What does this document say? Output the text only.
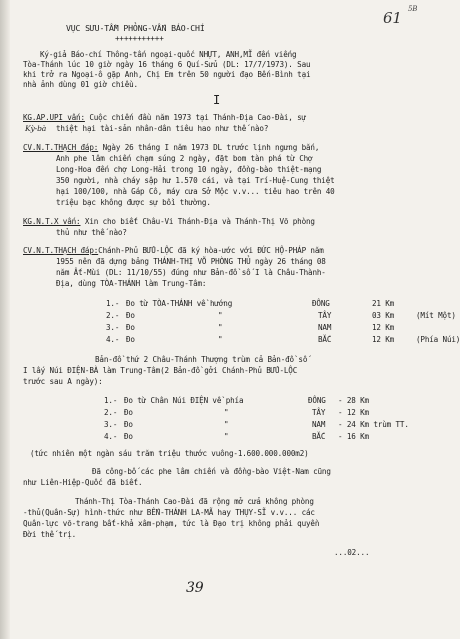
61 5B
VỤC SƯU-TẦM PHỎNG-VẤN BÁO-CHÍ
+++++++++++
Ký-giả Báo-chí Thông-tấn ngoại-quốc NHỰT, ANH,MĨ đến viếng
Tòa-Thánh lúc 10 giờ ngày 16 tháng 6 Quí-Sửu (DL: 17/7/1973). Sau
khi trở ra Ngoại-ô gặp Anh, Chị Em trên 50 người đạo Bến-Bình tại
nhà ảnh dùng 01 giờ chiều.
I
KG.AP.UPI vấn: Cuộc chiến đầu năm 1973 tại Thánh-Địa Cao-Đài, sự
Kỳ-bà thiệt hại tài-sản nhân-dân tiêu hao như thế nào?
CV.N.T.THẠCH đáp: Ngày 26 tháng I năm 1973 DL trước lịnh ngưng bắn,
Anh phe lâm chiến chạm súng 2 ngày, đặt bom tàn phá từ Chợ
Long-Hoa đến chợ Long-Hải trong 10 ngày, đồng-bào thiệt-mạng
350 người, nhà cháy sập hư 1.570 cái, và tại Trí-Huệ-Cung thiệt
hại 100/100, nhà Gáp Cô, máy cưa Sở Mộc v.v... tiêu hao trên 40
triệu bạc không được sự bồi thường.
KG.N.T.X vấn: Xin cho biết Châu-Vi Thánh-Địa và Thánh-Thị Võ phòng
thủ như thế nào?
CV.N.T.THẠCH đáp:Chánh-Phủ BỬU-LỘC đã ký hòa-ước với ĐỨC HỘ-PHÁP năm
1955 nên đã dựng bảng THÁNH-THỊ VÕ PHÒNG THỦ ngày 26 tháng 08
năm Ất-Mùi (DL: 11/10/55) đúng như Bản-đồ số I là Châu-Thành-
Địa, dùng TÒA-THÁNH làm Trung-Tâm:
1.- Đo từ TÒA-THÁNH về hướng	ĐÔNG	21 Km
2.- Đo	"	TÂY	03 Km	(Mít Một)
3.- Đo	"	NAM	12 Km
4.- Đo	"	BẮC	12 Km	(Phía Núi)
Bản-đồ thứ 2 Châu-Thánh Thượng trùm cả Bản-đồ số
I lấy Núi ĐIỆN-BÀ làm Trung-Tâm(2 Bản-đồ gởi Chánh-Phủ BỬU-LỘC
trước sau A ngày):
1.- Đo từ Chân Núi ĐIỆN về phía	ĐÔNG - 28 Km
2.- Đo	"	TÂY - 12 Km
3.- Đo	"	NAM - 24 Km trùm TT.
4.- Đo	"	BẮC - 16 Km
(tức nhiên một ngàn sáu trăm triệu thước vuông-1.600.000.000m2)
Đã công-bố các phe lâm chiến và đồng-bào Việt-Nam cũng
như Liên-Hiệp-Quốc đã biết.
Thánh-Thị Tòa-Thánh Cao-Đài đã rộng mở cửa không phòng
-thủ(Quân-Sự) hình-thức như BẾN-THÁNH LA-MÃ hay THỤY-SĨ v.v... các
Quân-lực võ-trang bất-khả xâm-phạm, tức là Đạo trị không phải quyền
Đời thế trị.
...02...
39
